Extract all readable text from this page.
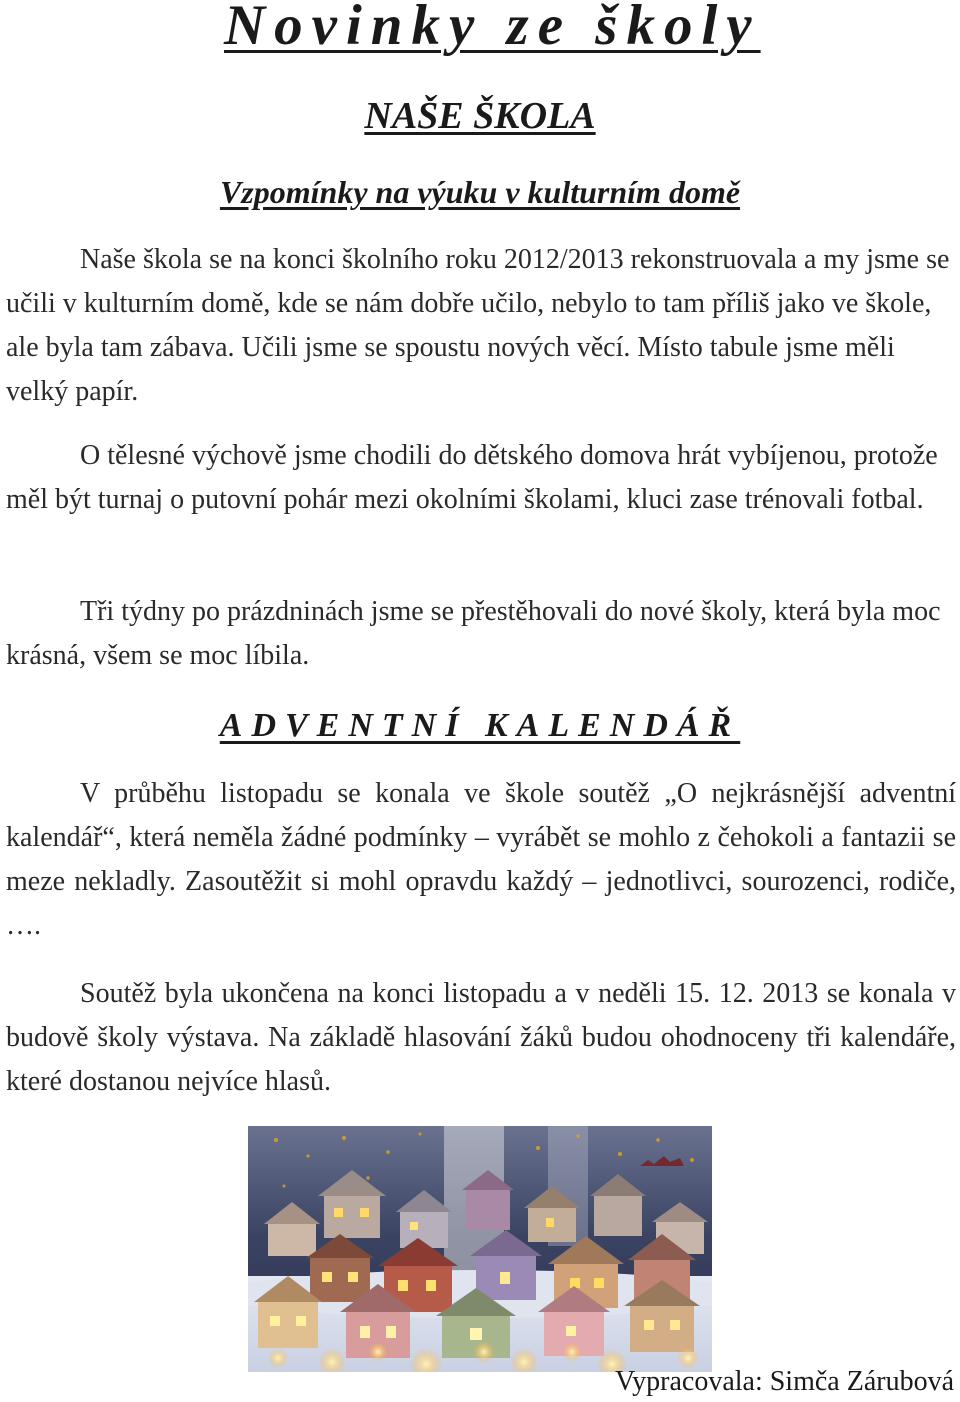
Novinky ze školy
NAŠE ŠKOLA
Vzpomínky na výuku v kulturním domě

Naše škola se na konci školního roku 2012/2013 rekonstruovala a my jsme se učili v kulturním domě, kde se nám dobře učilo, nebylo to tam příliš jako ve škole, ale byla tam zábava. Učili jsme se spoustu nových věcí. Místo tabule jsme měli velký papír.

O tělesné výchově jsme chodili do dětského domova hrát vybíjenou, protože měl být turnaj o putovní pohár mezi okolními školami, kluci zase trénovali fotbal.

Tři týdny po prázdninách jsme se přestěhovali do nové školy, která byla moc krásná, všem se moc líbila.

ADVENTNÍ KALENDÁŘ

V průběhu listopadu se konala ve škole soutěž „O nejkrásnější adventní kalendář“, která neměla žádné podmínky – vyrábět se mohlo z čehokoli a fantazii se meze nekladly. Zasoutěžit si mohl opravdu každý – jednotlivci, sourozenci, rodiče, ….

Soutěž byla ukončena na konci listopadu a v neděli 15. 12. 2013 se konala v budově školy výstava. Na základě hlasování žáků budou ohodnoceny tři kalendáře, které dostanou nejvíce hlasů.

Vypracovala: Simča Zárubová
